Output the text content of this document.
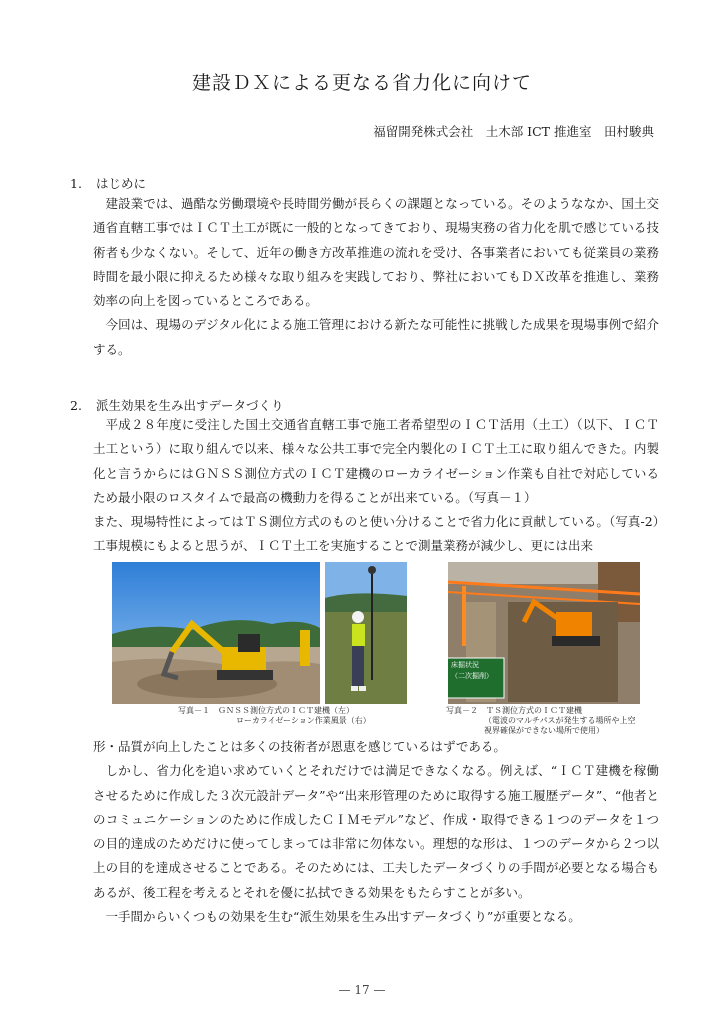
建設ＤＸによる更なる省力化に向けて
福留開発株式会社　土木部 ICT 推進室　田村駿典
1. はじめに

建設業では、過酷な労働環境や長時間労働が長らくの課題となっている。そのようななか、国土交通省直轄工事ではＩＣＴ土工が既に一般的となってきており、現場実務の省力化を肌で感じている技術者も少なくない。そして、近年の働き方改革推進の流れを受け、各事業者においても従業員の業務時間を最小限に抑えるため様々な取り組みを実践しており、弊社においてもＤＸ改革を推進し、業務効率の向上を図っているところである。

今回は、現場のデジタル化による施工管理における新たな可能性に挑戦した成果を現場事例で紹介する。

2. 派生効果を生み出すデータづくり

平成２８年度に受注した国土交通省直轄工事で施工者希望型のＩＣＴ活用（土工）（以下、ＩＣＴ土工という）に取り組んで以来、様々な公共工事で完全内製化のＩＣＴ土工に取り組んできた。内製化と言うからにはＧＮＳＳ測位方式のＩＣＴ建機のローカライゼーション作業も自社で対応しているため最小限のロスタイムで最高の機動力を得ることが出来ている。（写真－１）

また、現場特性によってはＴＳ測位方式のものと使い分けることで省力化に貢献している。（写真-2）工事規模にもよると思うが、ＩＣＴ土工を実施することで測量業務が減少し、更には出来

床掘状況
（二次掘削）
写真－１　ＧＮＳＳ測位方式のＩＣＴ建機（左）
ローカライゼーション作業風景（右）
写真－２　ＴＳ測位方式のＩＣＴ建機
（電波のマルチパスが発生する場所や上空
視界確保ができない場所で使用）

形・品質が向上したことは多くの技術者が恩恵を感じているはずである。

しかし、省力化を追い求めていくとそれだけでは満足できなくなる。例えば、“ＩＣＴ建機を稼働させるために作成した３次元設計データ”や“出来形管理のために取得する施工履歴データ”、“他者とのコミュニケーションのために作成したＣＩＭモデル”など、作成・取得できる１つのデータを１つの目的達成のためだけに使ってしまっては非常に勿体ない。理想的な形は、１つのデータから２つ以上の目的を達成させることである。そのためには、工夫したデータづくりの手間が必要となる場合もあるが、後工程を考えるとそれを優に払拭できる効果をもたらすことが多い。

一手間からいくつもの効果を生む“派生効果を生み出すデータづくり”が重要となる。

— 17 —
